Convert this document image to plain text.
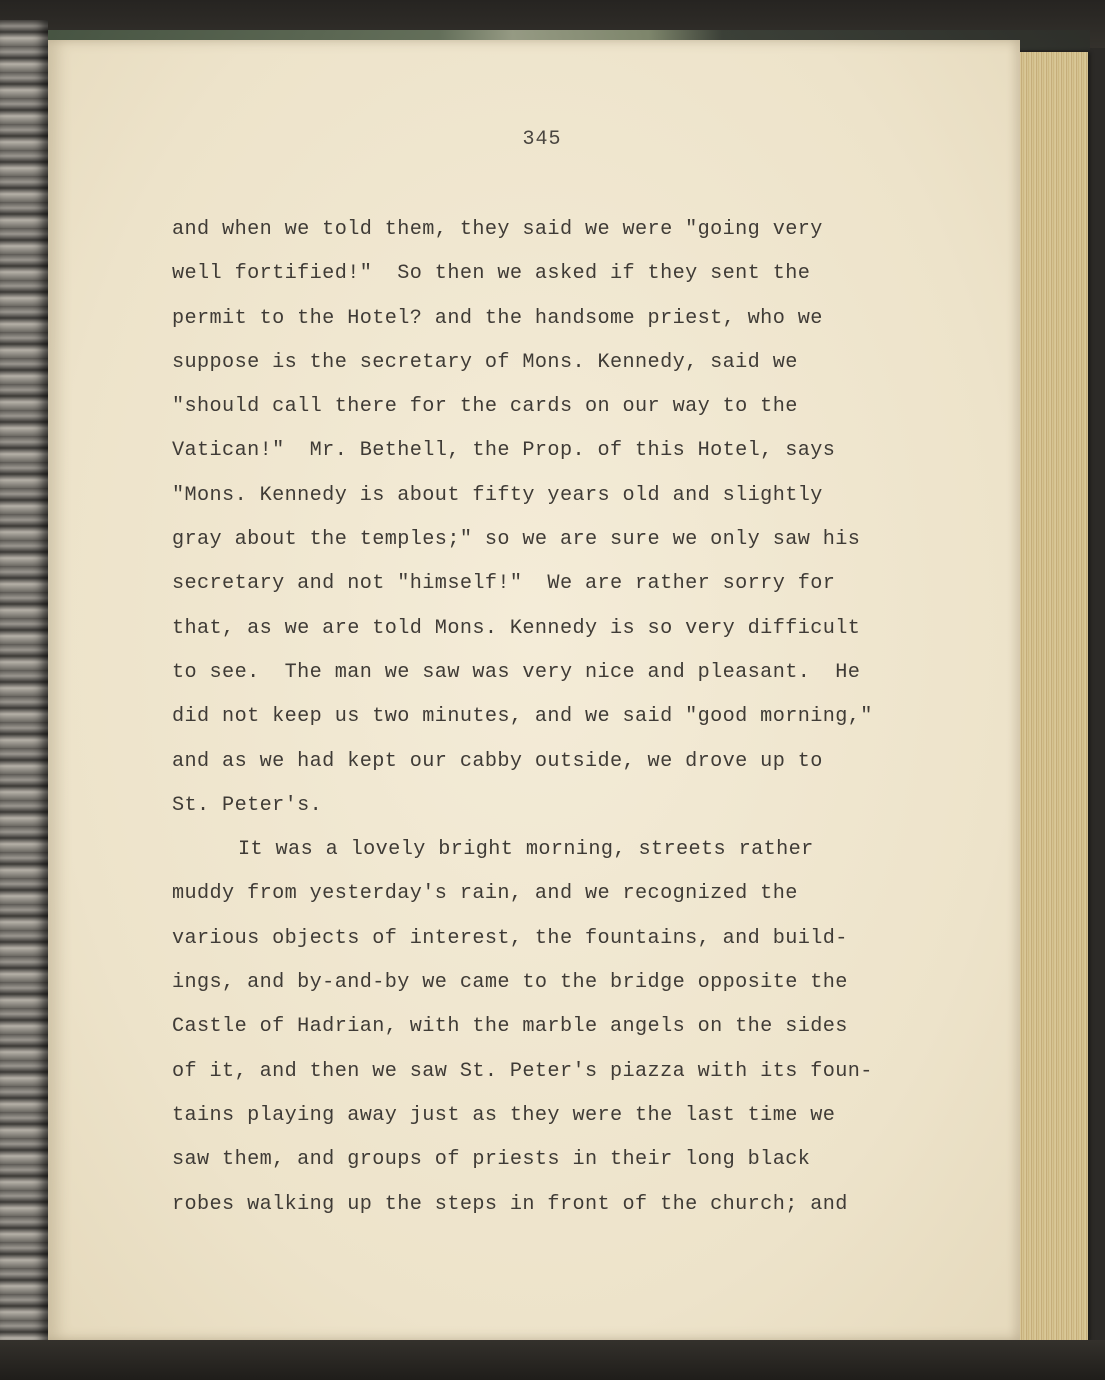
345
and when we told them, they said we were "going very
well fortified!"  So then we asked if they sent the
permit to the Hotel? and the handsome priest, who we
suppose is the secretary of Mons. Kennedy, said we
"should call there for the cards on our way to the
Vatican!"  Mr. Bethell, the Prop. of this Hotel, says
"Mons. Kennedy is about fifty years old and slightly
gray about the temples;" so we are sure we only saw his
secretary and not "himself!"  We are rather sorry for
that, as we are told Mons. Kennedy is so very difficult
to see.  The man we saw was very nice and pleasant.  He
did not keep us two minutes, and we said "good morning,"
and as we had kept our cabby outside, we drove up to
St. Peter's.
It was a lovely bright morning, streets rather
muddy from yesterday's rain, and we recognized the
various objects of interest, the fountains, and build-
ings, and by-and-by we came to the bridge opposite the
Castle of Hadrian, with the marble angels on the sides
of it, and then we saw St. Peter's piazza with its foun-
tains playing away just as they were the last time we
saw them, and groups of priests in their long black
robes walking up the steps in front of the church; and
